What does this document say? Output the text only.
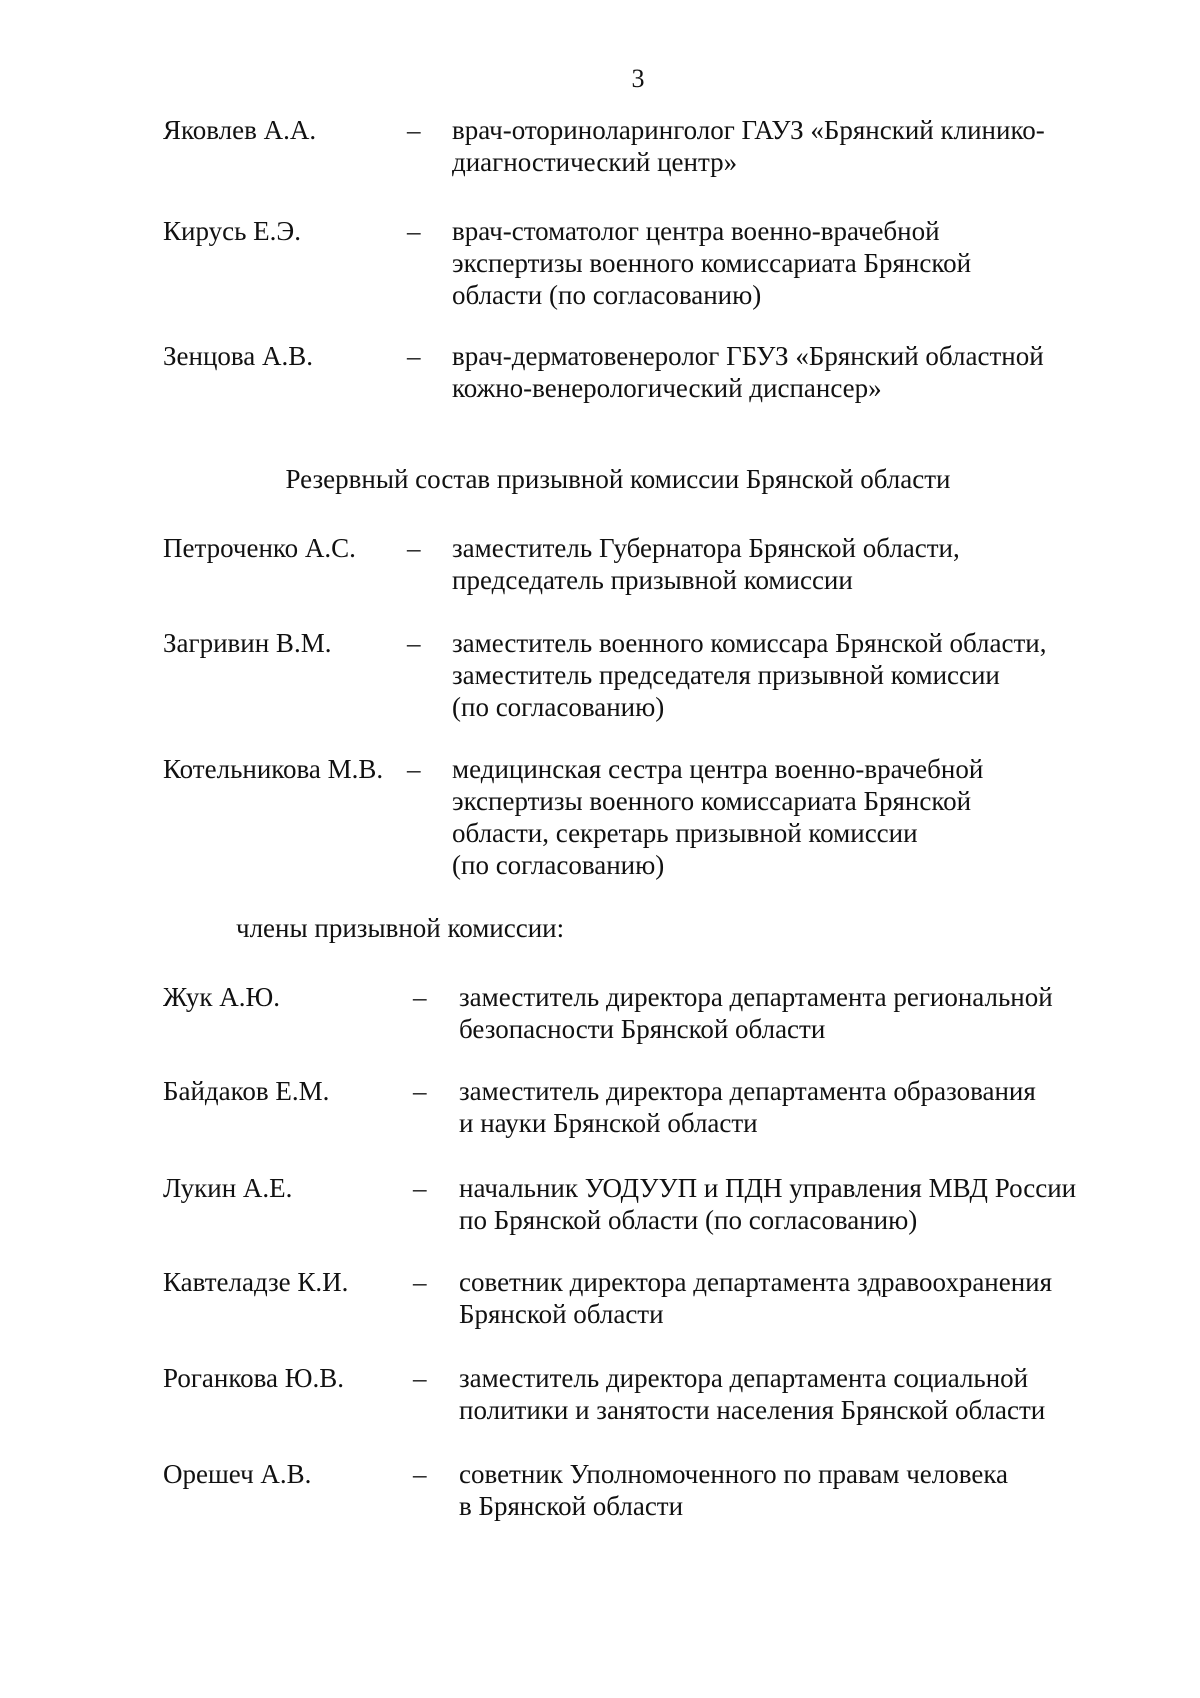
3
Яковлев А.А.	– врач-оториноларинголог ГАУЗ «Брянский клинико-
диагностический центр»
Кирусь Е.Э.	– врач-стоматолог центра военно-врачебной
экспертизы военного комиссариата Брянской
области (по согласованию)
Зенцова А.В.	– врач-дерматовенеролог ГБУЗ «Брянский областной
кожно-венерологический диспансер»
Резервный состав призывной комиссии Брянской области
Петроченко А.С. – заместитель Губернатора Брянской области,
председатель призывной комиссии
Загривин В.М.	– заместитель военного комиссара Брянской области,
заместитель председателя призывной комиссии
(по согласованию)
Котельникова М.В. – медицинская сестра центра военно-врачебной
экспертизы военного комиссариата Брянской
области, секретарь призывной комиссии
(по согласованию)
члены призывной комиссии:
Жук А.Ю.	– заместитель директора департамента региональной
безопасности Брянской области
Байдаков Е.М.	– заместитель директора департамента образования
и науки Брянской области
Лукин А.Е.	– начальник УОДУУП и ПДН управления МВД России
по Брянской области (по согласованию)
Кавтеладзе К.И. – советник директора департамента здравоохранения
Брянской области
Роганкова Ю.В.	– заместитель директора департамента социальной
политики и занятости населения Брянской области
Орешеч А.В.	– советник Уполномоченного по правам человека
в Брянской области
